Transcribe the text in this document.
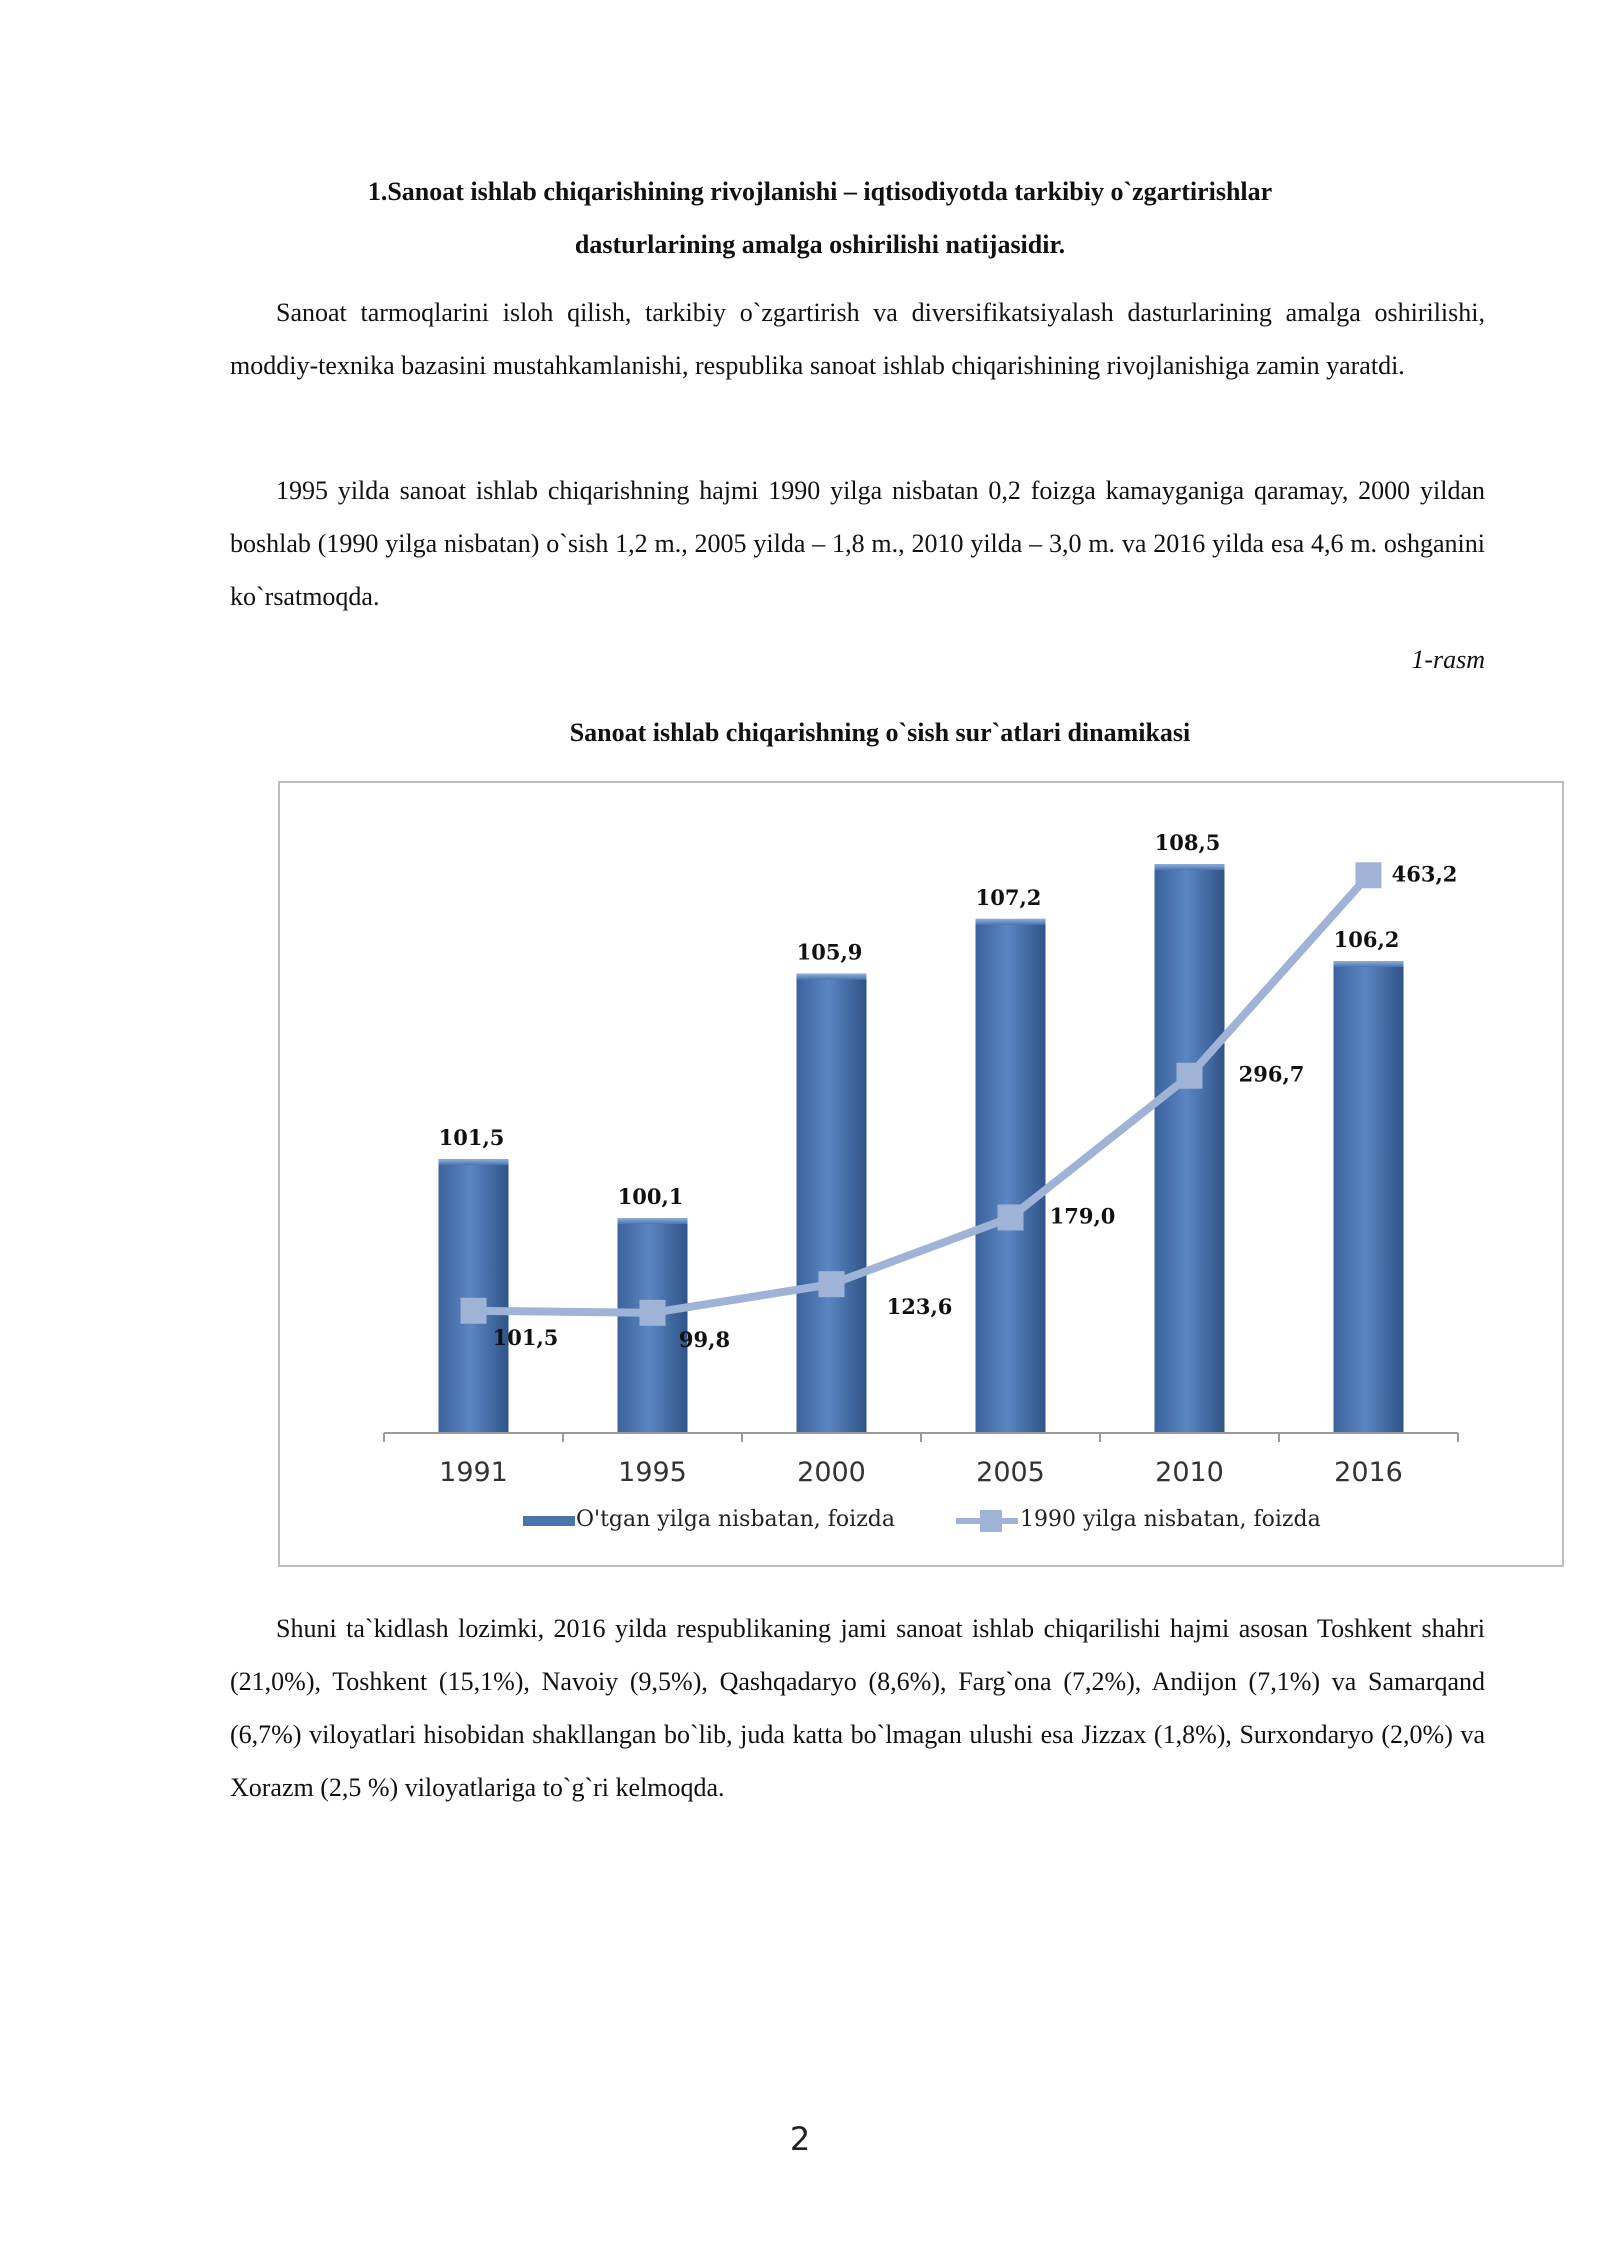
1.Sanoat ishlab chiqarishining rivojlanishi – iqtisodiyotda tarkibiy o`zgartirishlar
dasturlarining amalga oshirilishi natijasidir.

Sanoat tarmoqlarini isloh qilish, tarkibiy o`zgartirish va diversifikatsiyalash dasturlarining amalga oshirilishi, moddiy-texnika bazasini mustahkamlanishi, respublika sanoat ishlab chiqarishining rivojlanishiga zamin yaratdi.

1995 yilda sanoat ishlab chiqarishning hajmi 1990 yilga nisbatan 0,2 foizga kamayganiga qaramay, 2000 yildan boshlab (1990 yilga nisbatan) o`sish 1,2 m., 2005 yilda – 1,8 m., 2010 yilda – 3,0 m. va 2016 yilda esa 4,6 m. oshganini ko`rsatmoqda.

1-rasm
Sanoat ishlab chiqarishning o`sish sur`atlari dinamikasi
101,5
100,1
105,9
107,2
108,5
106,2
1991	1995	2000	2005	2010	2016
101,5	99,8
123,6
179,0
296,7
463,2
O'tgan yilga nisbatan, foizda	1990 yilga nisbatan, foizda

Shuni ta`kidlash lozimki, 2016 yilda respublikaning jami sanoat ishlab chiqarilishi hajmi asosan Toshkent shahri (21,0%), Toshkent (15,1%), Navoiy (9,5%), Qashqadaryo (8,6%), Farg`ona (7,2%), Andijon (7,1%) va Samarqand (6,7%) viloyatlari hisobidan shakllangan bo`lib, juda katta bo`lmagan ulushi esa Jizzax (1,8%), Surxondaryo (2,0%) va Xorazm (2,5 %) viloyatlariga to`g`ri kelmoqda.

2
